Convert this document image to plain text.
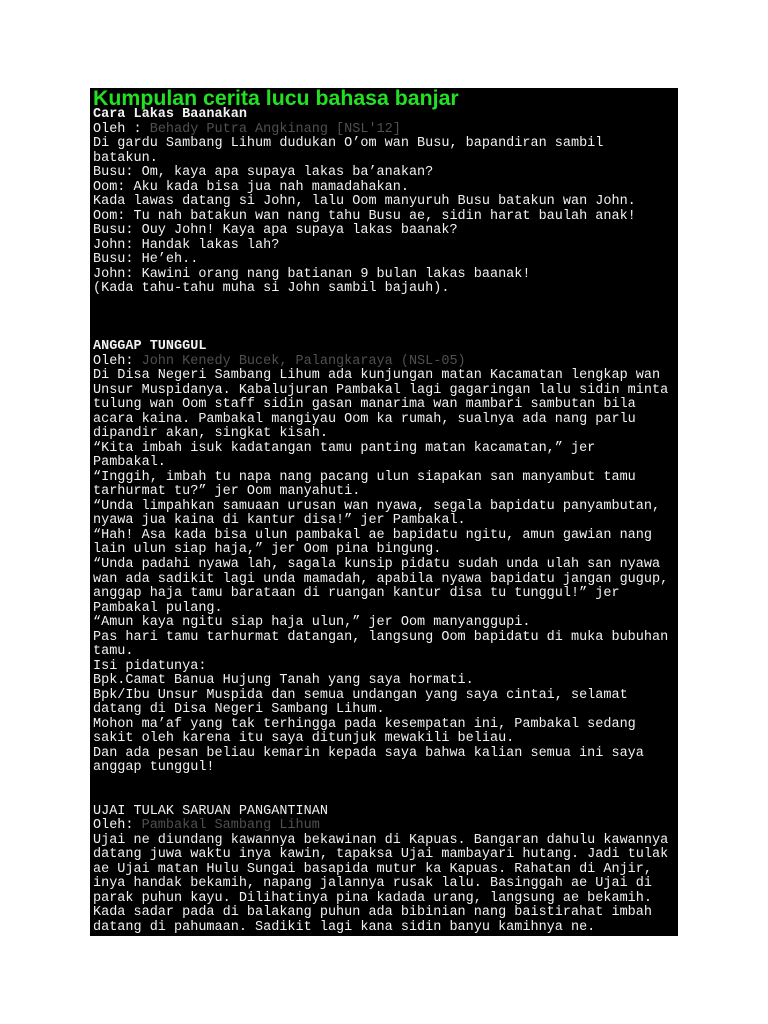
Kumpulan cerita lucu bahasa banjar
Cara Lakas Baanakan
Oleh : Behady Putra Angkinang [NSL'12]
Di gardu Sambang Lihum dudukan O’om wan Busu, bapandiran sambil
batakun.
Busu: Om, kaya apa supaya lakas ba’anakan?
Oom: Aku kada bisa jua nah mamadahakan.
Kada lawas datang si John, lalu Oom manyuruh Busu batakun wan John.
Oom: Tu nah batakun wan nang tahu Busu ae, sidin harat baulah anak!
Busu: Ouy John! Kaya apa supaya lakas baanak?
John: Handak lakas lah?
Busu: He’eh..
John: Kawini orang nang batianan 9 bulan lakas baanak!
(Kada tahu-tahu muha si John sambil bajauh).
ANGGAP TUNGGUL
Oleh: John Kenedy Bucek, Palangkaraya (NSL-05)
Di Disa Negeri Sambang Lihum ada kunjungan matan Kacamatan lengkap wan
Unsur Muspidanya. Kabalujuran Pambakal lagi gagaringan lalu sidin minta
tulung wan Oom staff sidin gasan manarima wan mambari sambutan bila
acara kaina. Pambakal mangiyau Oom ka rumah, sualnya ada nang parlu
dipandir akan, singkat kisah.
“Kita imbah isuk kadatangan tamu panting matan kacamatan,” jer
Pambakal.
“Inggih, imbah tu napa nang pacang ulun siapakan san manyambut tamu
tarhurmat tu?” jer Oom manyahuti.
“Unda limpahkan samuaan urusan wan nyawa, segala bapidatu panyambutan,
nyawa jua kaina di kantur disa!” jer Pambakal.
“Hah! Asa kada bisa ulun pambakal ae bapidatu ngitu, amun gawian nang
lain ulun siap haja,” jer Oom pina bingung.
“Unda padahi nyawa lah, sagala kunsip pidatu sudah unda ulah san nyawa
wan ada sadikit lagi unda mamadah, apabila nyawa bapidatu jangan gugup,
anggap haja tamu barataan di ruangan kantur disa tu tunggul!” jer
Pambakal pulang.
“Amun kaya ngitu siap haja ulun,” jer Oom manyanggupi.
Pas hari tamu tarhurmat datangan, langsung Oom bapidatu di muka bubuhan
tamu.
Isi pidatunya:
Bpk.Camat Banua Hujung Tanah yang saya hormati.
Bpk/Ibu Unsur Muspida dan semua undangan yang saya cintai, selamat
datang di Disa Negeri Sambang Lihum.
Mohon ma’af yang tak terhingga pada kesempatan ini, Pambakal sedang
sakit oleh karena itu saya ditunjuk mewakili beliau.
Dan ada pesan beliau kemarin kepada saya bahwa kalian semua ini saya
anggap tunggul!
UJAI TULAK SARUAN PANGANTINAN
Oleh: Pambakal Sambang Lihum
Ujai ne diundang kawannya bekawinan di Kapuas. Bangaran dahulu kawannya
datang juwa waktu inya kawin, tapaksa Ujai mambayari hutang. Jadi tulak
ae Ujai matan Hulu Sungai basapida mutur ka Kapuas. Rahatan di Anjir,
inya handak bekamih, napang jalannya rusak lalu. Basinggah ae Ujai di
parak puhun kayu. Dilihatinya pina kadada urang, langsung ae bekamih.
Kada sadar pada di balakang puhun ada bibinian nang baistirahat imbah
datang di pahumaan. Sadikit lagi kana sidin banyu kamihnya ne.
